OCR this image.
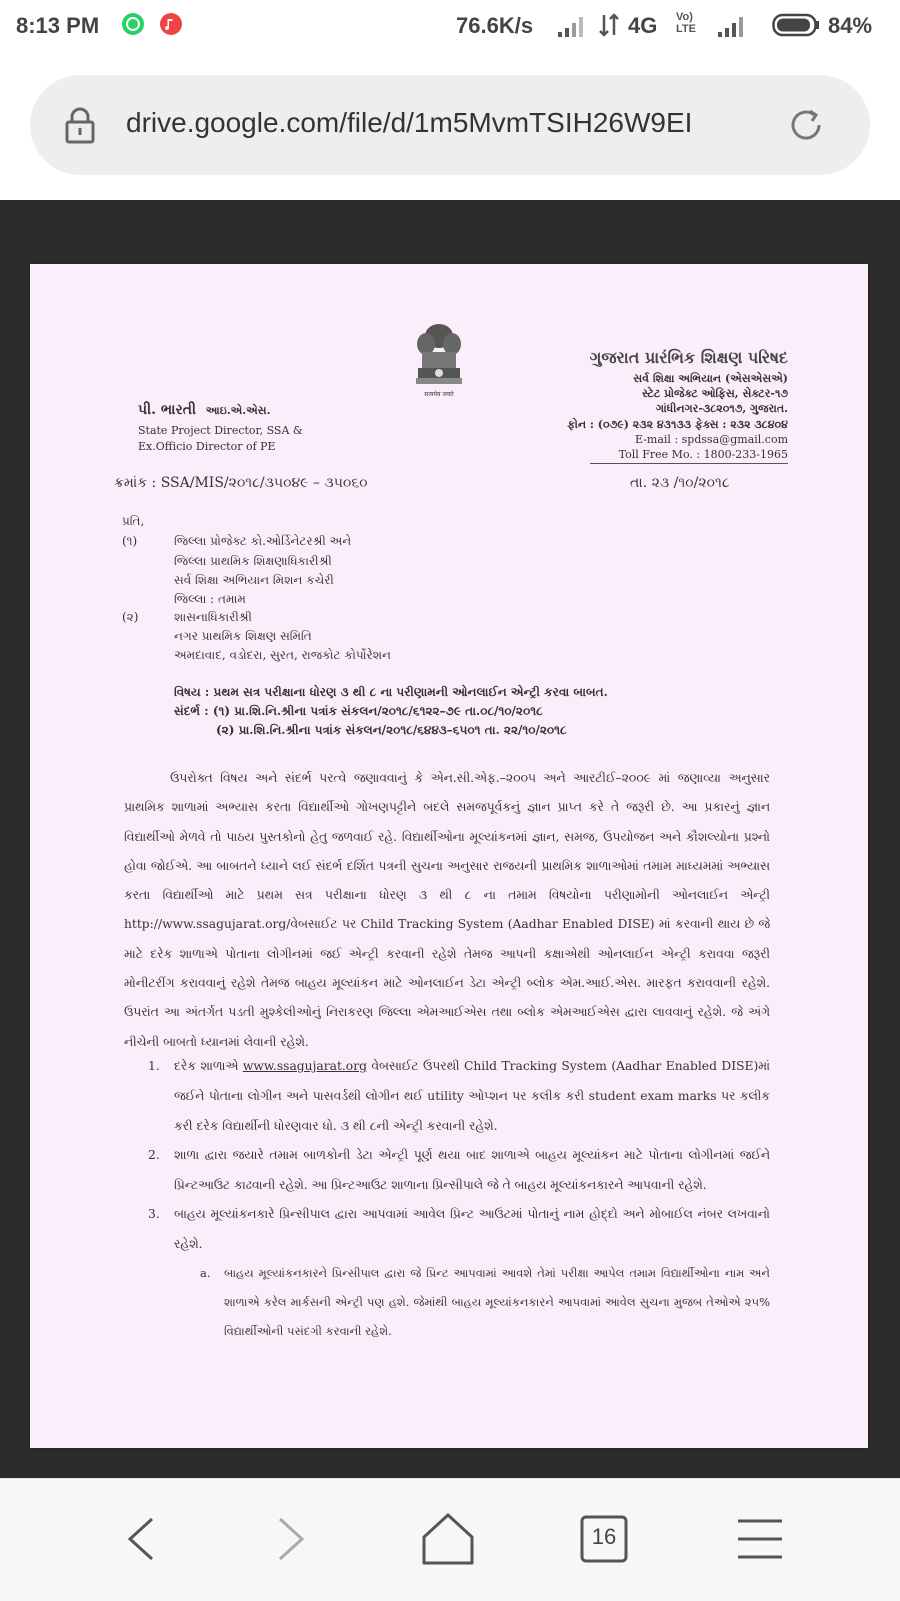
8:13 PM	76.6K/s	4G Vo)
LTE	84%
drive.google.com/file/d/1m5MvmTSIH26W9EI
सत्यमेव जयते
ગુજરાત પ્રારંભિક શિક્ષણ પરિષદ
સર્વ શિક્ષા અભિયાન (એસએસએ)
સ્ટેટ પ્રોજેક્ટ ઓફિસ, સેક્ટર-૧૭
ગાંધીનગર-૩૮૨૦૧૭, ગુજરાત.
ફોન : (૦૭૯) ૨૩૨ ૪૩૧૩૩ ફેક્સ : ૨૩૨ ૩૮૪૦૪
E-mail : spdssa@gmail.com
Toll Free Mo. : 1800-233-1965
પી. ભારતી આઇ.એ.એસ.
State Project Director, SSA &
Ex.Officio Director of PE
ક્રમાંક : SSA/MIS/૨૦૧૮/૩૫૦૪૯ – ૩૫૦૬૦	તા. ૨૩ /૧૦/૨૦૧૮
પ્રતિ,
(૧)	જિલ્લા પ્રોજેક્ટ કો.ઓર્ડિનેટરશ્રી અને
જિલ્લા પ્રાથમિક શિક્ષણાધિકારીશ્રી
સર્વ શિક્ષા અભિયાન મિશન કચેરી
જિલ્લા : તમામ
(૨)	શાસનાધિકારીશ્રી
નગર પ્રાથમિક શિક્ષણ સમિતિ
અમદાવાદ, વડોદરા, સુરત, રાજકોટ કોર્પોરેશન
વિષય : પ્રથમ સત્ર પરીક્ષાના ધોરણ ૩ થી ૮ ના પરીણામની ઓનલાઈન એન્ટ્રી કરવા બાબત.
સંદર્ભ : (૧) પ્રા.શિ.નિ.શ્રીના પત્રાંક સંકલન/૨૦૧૮/૬૧૨૨–૭૯ તા.૦૮/૧૦/૨૦૧૮
(૨) પ્રા.શિ.નિ.શ્રીના પત્રાંક સંકલન/૨૦૧૮/૬૪૪૩–૬૫૦૧ તા. ૨૨/૧૦/૨૦૧૮
ઉપરોક્ત વિષય અને સંદર્ભ પરત્વે જણાવવાનું કે એન.સી.એફ.–૨૦૦૫ અને આરટીઈ–૨૦૦૯ માં જણાવ્યા અનુસાર પ્રાથમિક શાળામાં અભ્યાસ કરતા વિદ્યાર્થીઓ ગોખણપટ્ટીને બદલે સમજપૂર્વકનું જ્ઞાન પ્રાપ્ત કરે તે જરૂરી છે. આ પ્રકારનું જ્ઞાન વિદ્યાર્થીઓ મેળવે તો પાઠય પુસ્તકોનો હેતુ જળવાઈ રહે. વિદ્યાર્થીઓના મૂલ્યાંકનમાં જ્ઞાન, સમજ, ઉપયોજન અને કૌશલ્યોના પ્રશ્નો હોવા જોઈએ. આ બાબતને ધ્યાને લઈ સંદર્ભ દર્શિત પત્રની સુચના અનુસાર રાજયની પ્રાથમિક શાળાઓમાં તમામ માધ્યમમાં અભ્યાસ કરતા વિદ્યાર્થીઓ માટે પ્રથમ સત્ર પરીક્ષાના ધોરણ ૩ થી ૮ ના તમામ વિષયોના પરીણામોની ઓનલાઈન એન્ટ્રી http://www.ssagujarat.org/વેબસાઈટ પર Child Tracking System (Aadhar Enabled DISE) માં કરવાની થાય છે જે માટે દરેક શાળાએ પોતાના લોગીનમાં જઈ એન્ટ્રી કરવાની રહેશે તેમજ આપની કક્ષાએથી ઓનલાઈન એન્ટ્રી કરાવવા જરૂરી મોનીટરીંગ કરાવવાનું રહેશે તેમજ બાહય મૂલ્યાંકન માટે ઓનલાઈન ડેટા એન્ટ્રી બ્લોક એમ.આઈ.એસ. મારફત કરાવવાની રહેશે. ઉપરાંત આ અંતર્ગત પડતી મુશ્કેલીઓનું નિરાકરણ જિલ્લા એમઆઈએસ તથા બ્લોક એમઆઈએસ દ્વારા લાવવાનું રહેશે. જે અંગે નીચેની બાબતો ધ્યાનમાં લેવાની રહેશે.
1. દરેક શાળાએ www.ssagujarat.org વેબસાઈટ ઉપરથી Child Tracking System (Aadhar Enabled DISE)માં જઈને પોતાના લોગીન અને પાસવર્ડથી લોગીન થઈ utility ઓપ્શન પર કલીક કરી student exam marks પર કલીક કરી દરેક વિદ્યાર્થીની ધોરણવાર ધો. ૩ થી ૮ની એન્ટ્રી કરવાની રહેશે.
2. શાળા દ્વારા જયારે તમામ બાળકોની ડેટા એન્ટ્રી પૂર્ણ થયા બાદ શાળાએ બાહય મૂલ્યાંકન માટે પોતાના લોગીનમાં જઈને પ્રિન્ટઆઉટ કાઢવાની રહેશે. આ પ્રિન્ટઆઉટ શાળાના પ્રિન્સીપાલે જે તે બાહય મૂલ્યાંકનકારને આપવાની રહેશે.
3. બાહય મૂલ્યાંકનકારે પ્રિન્સીપાલ દ્વારા આપવામાં આવેલ પ્રિન્ટ આઉટમાં પોતાનું નામ હોદ્દો અને મોબાઈલ નંબર લખવાનો રહેશે.
a. બાહય મૂલ્યાંકનકારને પ્રિન્સીપાલ દ્વારા જે પ્રિન્ટ આપવામાં આવશે તેમાં પરીક્ષા આપેલ તમામ વિદ્યાર્થીઓના નામ અને શાળાએ કરેલ માર્કસની એન્ટ્રી પણ હશે. જેમાંથી બાહય મૂલ્યાંકનકારને આપવામાં આવેલ સુચના મુજબ તેઓએ ૨૫% વિદ્યાર્થીઓની પસંદગી કરવાની રહેશે.
16
